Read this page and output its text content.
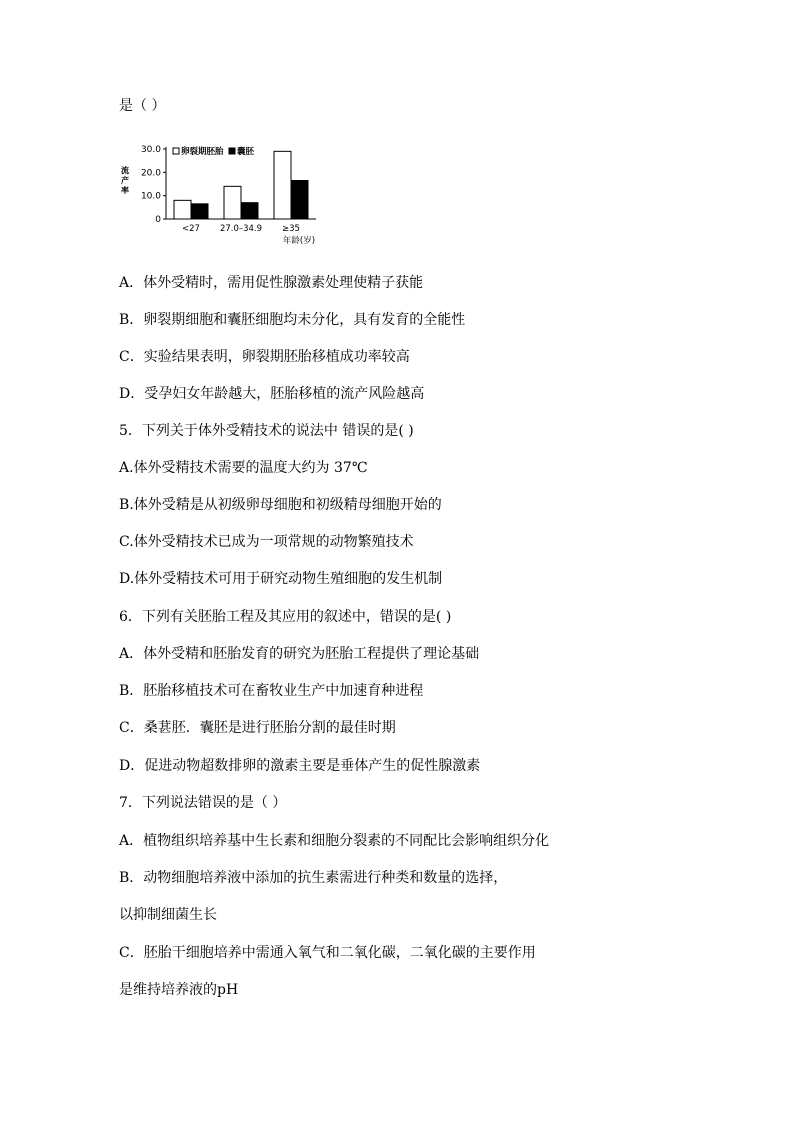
是（ ）
A．体外受精时，需用促性腺激素处理使精子获能
B．卵裂期细胞和囊胚细胞均未分化，具有发育的全能性
C．实验结果表明，卵裂期胚胎移植成功率较高
D．受孕妇女年龄越大，胚胎移植的流产风险越高
5．下列关于体外受精技术的说法中 错误的是( )
A.体外受精技术需要的温度大约为 37℃
B.体外受精是从初级卵母细胞和初级精母细胞开始的
C.体外受精技术已成为一项常规的动物繁殖技术
D.体外受精技术可用于研究动物生殖细胞的发生机制
6．下列有关胚胎工程及其应用的叙述中，错误的是( )
A．体外受精和胚胎发育的研究为胚胎工程提供了理论基础
B．胚胎移植技术可在畜牧业生产中加速育种进程
C．桑葚胚．囊胚是进行胚胎分割的最佳时期
D．促进动物超数排卵的激素主要是垂体产生的促性腺激素
7．下列说法错误的是（ ）
A．植物组织培养基中生长素和细胞分裂素的不同配比会影响组织分化
B．动物细胞培养液中添加的抗生素需进行种类和数量的选择，
以抑制细菌生长
C．胚胎干细胞培养中需通入氧气和二氧化碳，二氧化碳的主要作用
是维持培养液的pH
0
10.0
20.0
30.0
流
产
率
<27 27.0–34.9 ≥35
年龄(岁)
卵裂期胚胎 囊胚
